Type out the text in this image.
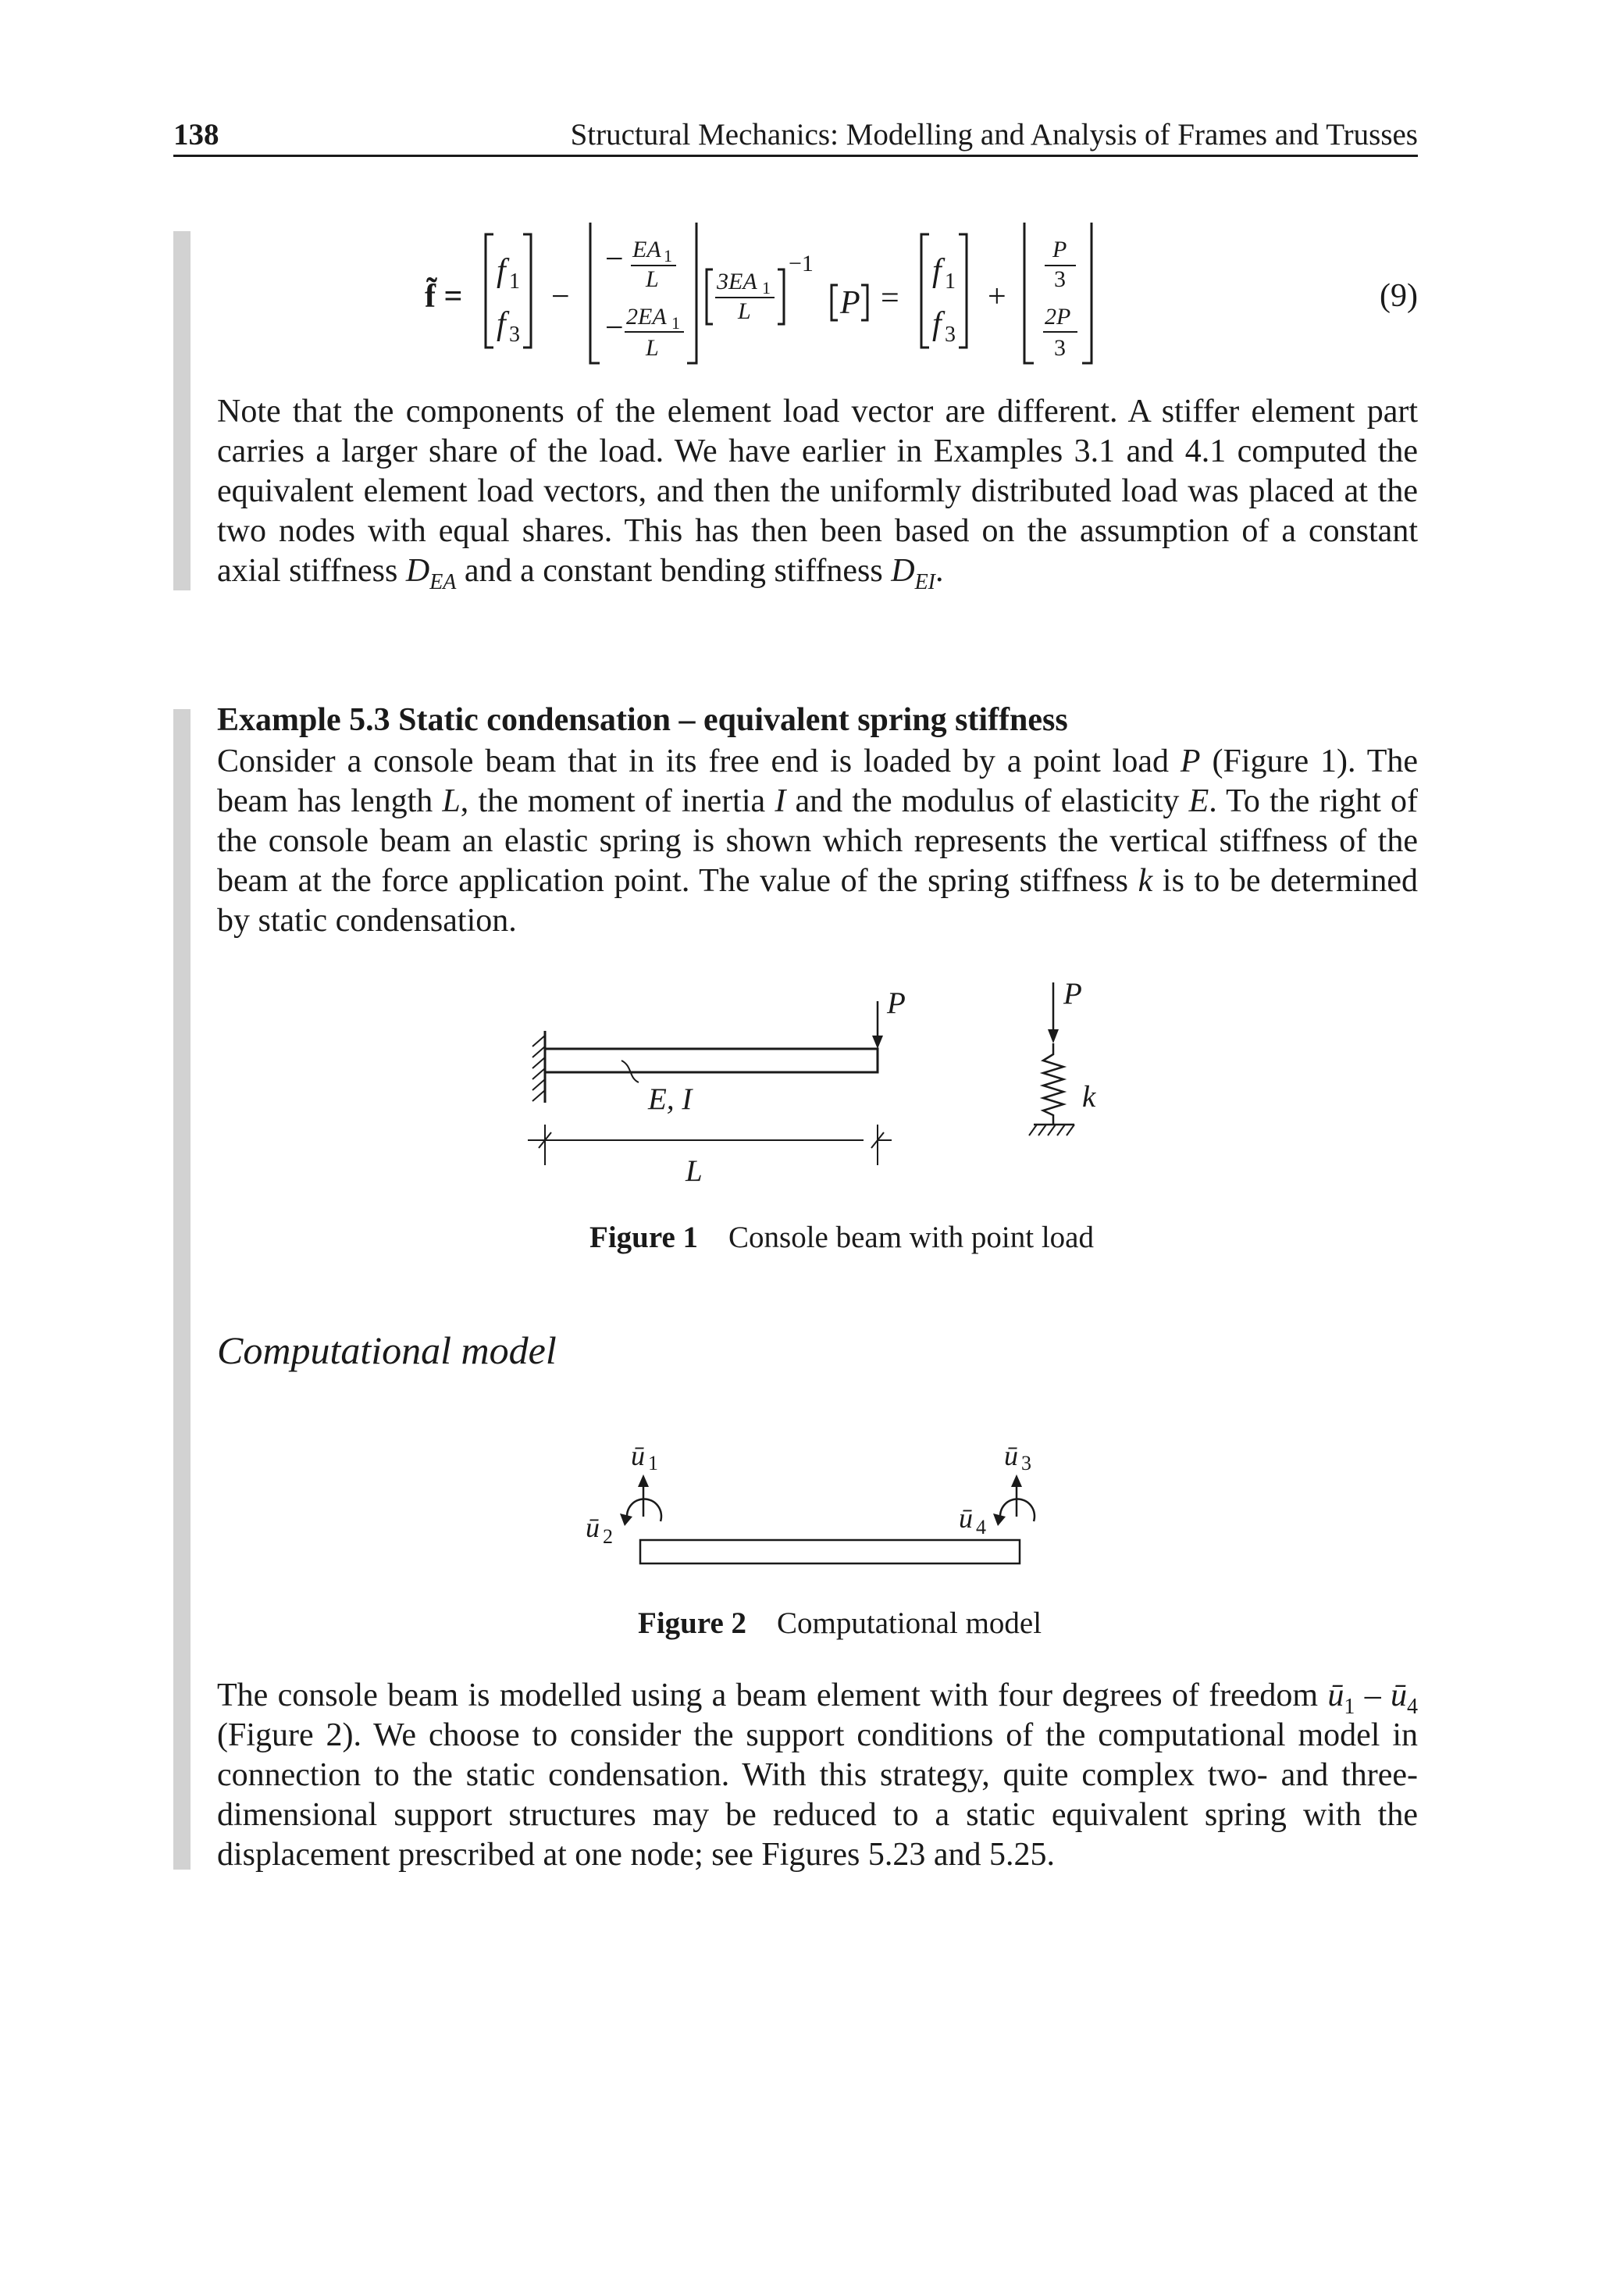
138	Structural Mechanics: Modelling and Analysis of Frames and Trusses
f̃ =
f 1
f 3
−
− EA 1
L
− 2EA 1
L
3EA 1
L
−1
P =
f 1
f 3
+
P
3
2P
3
(9)
Note that the components of the element load vector are different. A stiffer element part carries a larger share of the load. We have earlier in Examples 3.1 and 4.1 computed the equivalent element load vectors, and then the uniformly distributed load was placed at the two nodes with equal shares. This has then been based on the assumption of a constant axial stiffness $D_{EA}$ and a constant bending stiffness $D_{EI}$.
Example 5.3 Static condensation – equivalent spring stiffness
Consider a console beam that in its free end is loaded by a point load P (Figure 1). The beam has length L, the moment of inertia I and the modulus of elasticity E. To the right of the console beam an elastic spring is shown which represents the vertical stiffness of the beam at the force application point. The value of the spring stiffness k is to be determined by static condensation.
P
E, I
L
P
k
Figure 1 Console beam with point load
Computational model
ū 1
ū 2
ū 3
ū 4
Figure 2 Computational model
The console beam is modelled using a beam element with four degrees of freedom $ū_1$ – $ū_4$ (Figure 2). We choose to consider the support conditions of the computational model in connection to the static condensation. With this strategy, quite complex two- and three-dimensional support structures may be reduced to a static equivalent spring with the displacement prescribed at one node; see Figures 5.23 and 5.25.
